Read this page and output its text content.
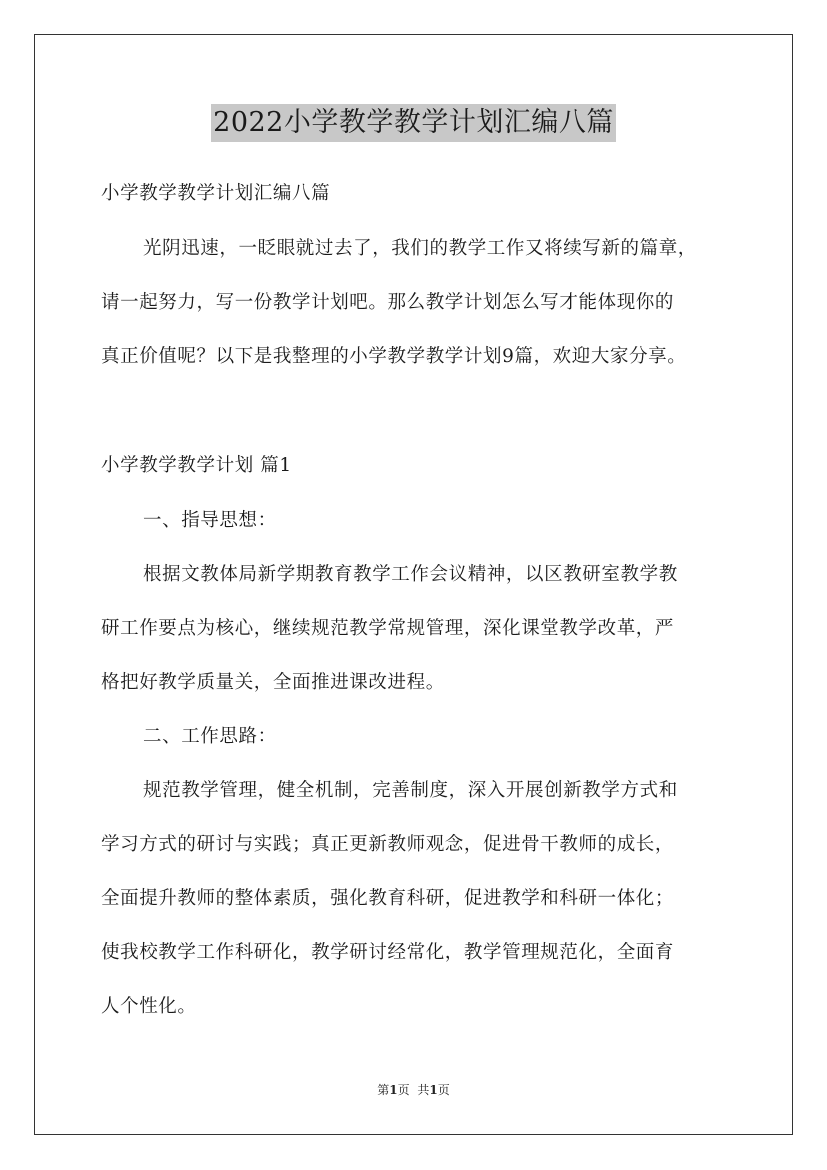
2022小学教学教学计划汇编八篇
小学教学教学计划汇编八篇
光阴迅速，一眨眼就过去了，我们的教学工作又将续写新的篇章，
请一起努力，写一份教学计划吧。那么教学计划怎么写才能体现你的
真正价值呢？以下是我整理的小学教学教学计划9篇，欢迎大家分享。
小学教学教学计划 篇1
一、指导思想：
根据文教体局新学期教育教学工作会议精神，以区教研室教学教
研工作要点为核心，继续规范教学常规管理，深化课堂教学改革，严
格把好教学质量关，全面推进课改进程。
二、工作思路：
规范教学管理，健全机制，完善制度，深入开展创新教学方式和
学习方式的研讨与实践；真正更新教师观念，促进骨干教师的成长，
全面提升教师的整体素质，强化教育科研，促进教学和科研一体化；
使我校教学工作科研化，教学研讨经常化，教学管理规范化，全面育
人个性化。
第1页 共1页
